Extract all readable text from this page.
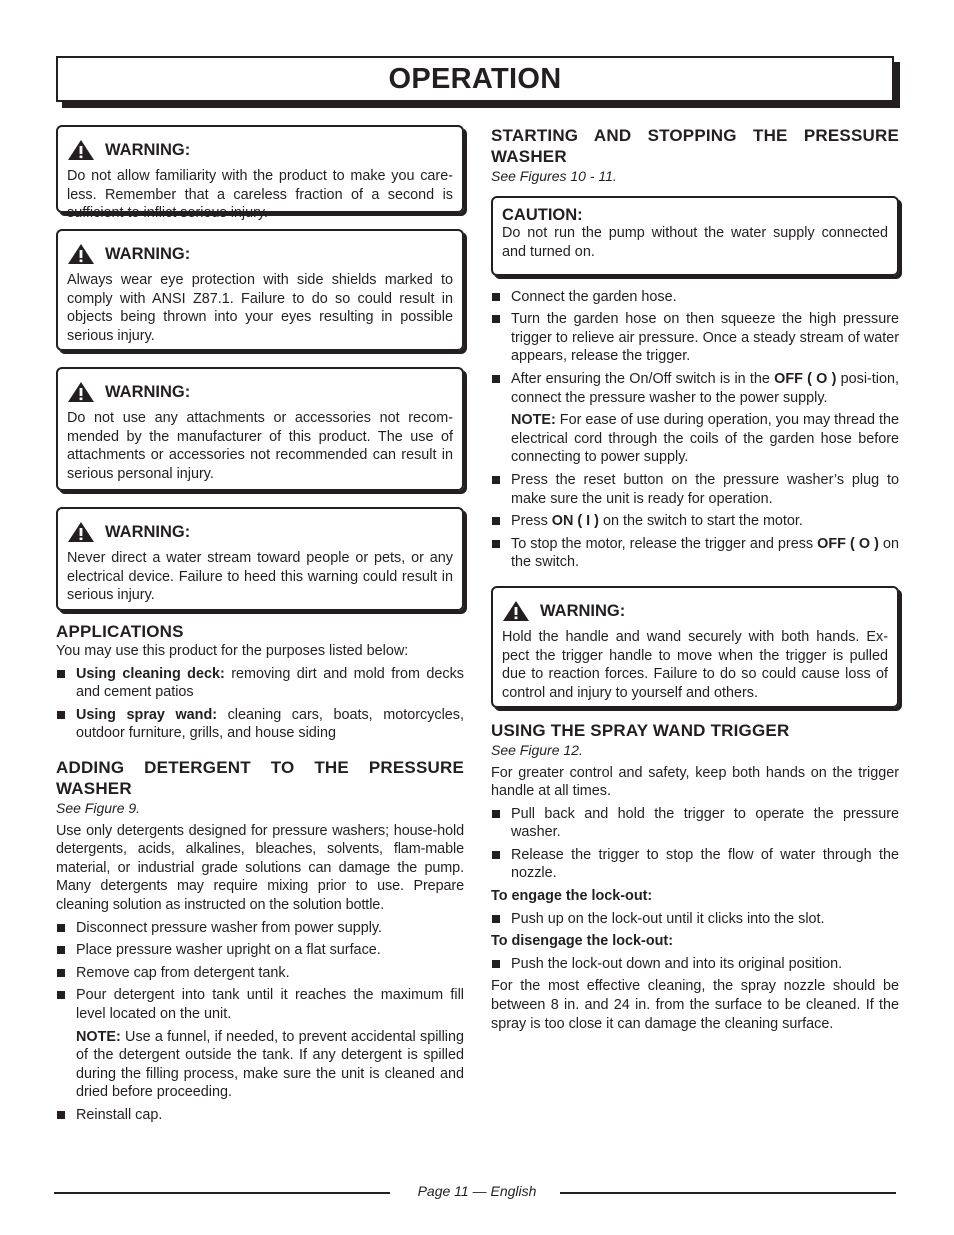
OPERATION
WARNING:

Do not allow familiarity with the product to make you care-less. Remember that a careless fraction of a second is sufficient to inflict serious injury.

WARNING:

Always wear eye protection with side shields marked to comply with ANSI Z87.1. Failure to do so could result in objects being thrown into your eyes resulting in possible serious injury.

WARNING:

Do not use any attachments or accessories not recom-mended by the manufacturer of this product. The use of attachments or accessories not recommended can result in serious personal injury.

WARNING:

Never direct a water stream toward people or pets, or any electrical device. Failure to heed this warning could result in serious injury.

APPLICATIONS

You may use this product for the purposes listed below:

Using cleaning deck: removing dirt and mold from decks and cement patios
Using spray wand: cleaning cars, boats, motorcycles, outdoor furniture, grills, and house siding
ADDING DETERGENT TO THE PRESSURE WASHER

See Figure 9.

Use only detergents designed for pressure washers; house-hold detergents, acids, alkalines, bleaches, solvents, flam-mable material, or industrial grade solutions can damage the pump. Many detergents may require mixing prior to use. Prepare cleaning solution as instructed on the solution bottle.

Disconnect pressure washer from power supply.
Place pressure washer upright on a flat surface.
Remove cap from detergent tank.
Pour detergent into tank until it reaches the maximum fill level located on the unit.
NOTE: Use a funnel, if needed, to prevent accidental spilling of the detergent outside the tank. If any detergent is spilled during the filling process, make sure the unit is cleaned and dried before proceeding.
Reinstall cap.
STARTING AND STOPPING THE PRESSURE WASHER

See Figures 10 - 11.

CAUTION:

Do not run the pump without the water supply connected and turned on.

Connect the garden hose.
Turn the garden hose on then squeeze the high pressure trigger to relieve air pressure. Once a steady stream of water appears, release the trigger.
After ensuring the On/Off switch is in the OFF ( O ) posi-tion, connect the pressure washer to the power supply.
NOTE: For ease of use during operation, you may thread the electrical cord through the coils of the garden hose before connecting to power supply.
Press the reset button on the pressure washer’s plug to make sure the unit is ready for operation.
Press ON ( I ) on the switch to start the motor.
To stop the motor, release the trigger and press OFF ( O ) on the switch.
WARNING:

Hold the handle and wand securely with both hands. Ex-pect the trigger handle to move when the trigger is pulled due to reaction forces. Failure to do so could cause loss of control and injury to yourself and others.

USING THE SPRAY WAND TRIGGER

See Figure 12.

For greater control and safety, keep both hands on the trigger handle at all times.

Pull back and hold the trigger to operate the pressure washer.
Release the trigger to stop the flow of water through the nozzle.

To engage the lock-out:

Push up on the lock-out until it clicks into the slot.

To disengage the lock-out:

Push the lock-out down and into its original position.

For the most effective cleaning, the spray nozzle should be between 8 in. and 24 in. from the surface to be cleaned. If the spray is too close it can damage the cleaning surface.

Page 11 — English
